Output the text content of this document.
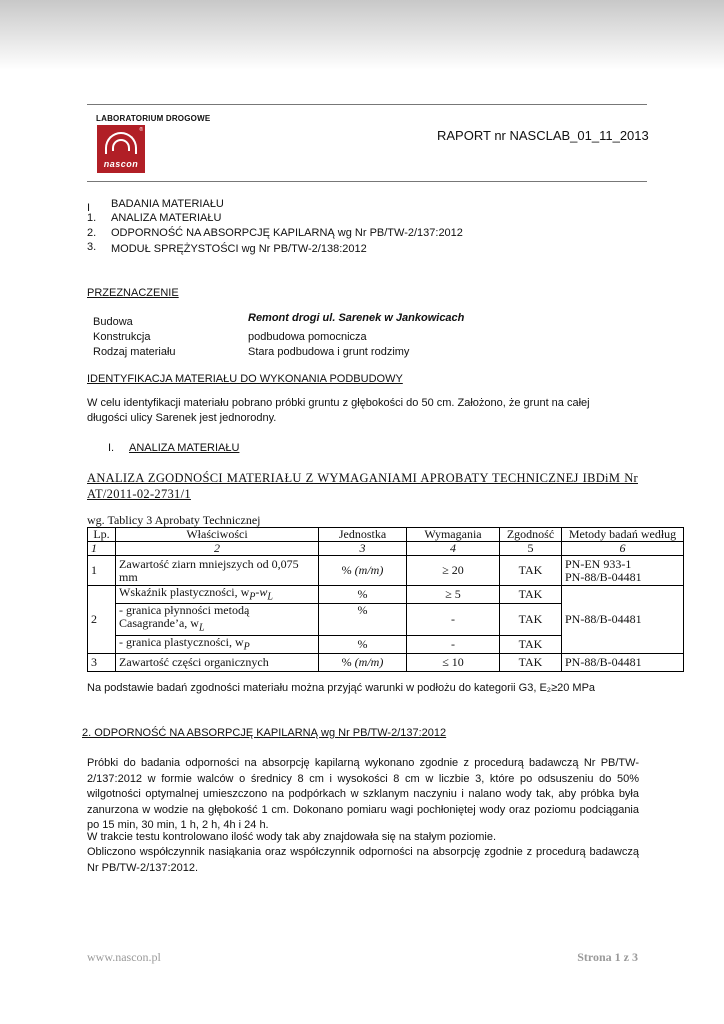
LABORATORIUM DROGOWE
®
nascon
RAPORT nr NASCLAB_01_11_2013
I BADANIA MATERIAŁU
1. ANALIZA MATERIAŁU
2. ODPORNOŚĆ NA ABSORPCJĘ KAPILARNĄ wg Nr PB/TW-2/137:2012
3. MODUŁ SPRĘŻYSTOŚCI wg Nr PB/TW-2/138:2012
PRZEZNACZENIE
Budowa	Remont drogi ul. Sarenek w Jankowicach
Konstrukcja	podbudowa pomocnicza
Rodzaj materiału	Stara podbudowa i grunt rodzimy
IDENTYFIKACJA MATERIAŁU DO WYKONANIA PODBUDOWY
W celu identyfikacji materiału pobrano próbki gruntu z głębokości do 50 cm. Założono, że grunt na całej
długości ulicy Sarenek jest jednorodny.
I. ANALIZA MATERIAŁU
ANALIZA ZGODNOŚCI MATERIAŁU Z WYMAGANIAMI APROBATY TECHNICZNEJ IBDiM Nr AT/2011-02-2731/1
wg. Tablicy 3 Aprobaty Technicznej
Lp.	Właściwości	Jednostka	Wymagania	Zgodność	Metody badań według
1	2	3	4	5	6
1	Zawartość ziarn mniejszych od 0,075 mm	% (m/m)	≥ 20	TAK	PN-EN 933-1
PN-88/B-04481

2	Wskaźnik plastyczności, $w_P-w_L$	%	≥ 5	TAK	PN-88/B-04481

	- granica płynności metodą
Casagrande’a, $w_L$	%	-	TAK	
	- granica plastyczności, $w_P$	%	-	TAK	
3	Zawartość części organicznych	% (m/m)	≤ 10	TAK	PN-88/B-04481
Na podstawie badań zgodności materiału można przyjąć warunki w podłożu do kategorii G3, E₂≥20 MPa
2. ODPORNOŚĆ NA ABSORPCJĘ KAPILARNĄ wg Nr PB/TW-2/137:2012
Próbki do badania odporności na absorpcję kapilarną wykonano zgodnie z procedurą badawczą Nr PB/TW-2/137:2012 w formie walców o średnicy 8 cm i wysokości 8 cm w liczbie 3, które po odsuszeniu do 50% wilgotności optymalnej umieszczono na podpórkach w szklanym naczyniu i nalano wody tak, aby próbka była zanurzona w wodzie na głębokość 1 cm. Dokonano pomiaru wagi pochłoniętej wody oraz poziomu podciągania po 15 min, 30 min, 1 h, 2 h, 4h i 24 h.
W trakcie testu kontrolowano ilość wody tak aby znajdowała się na stałym poziomie.
Obliczono współczynnik nasiąkania oraz współczynnik odporności na absorpcję zgodnie z procedurą badawczą Nr PB/TW-2/137:2012.
www.nascon.pl	Strona 1 z 3
